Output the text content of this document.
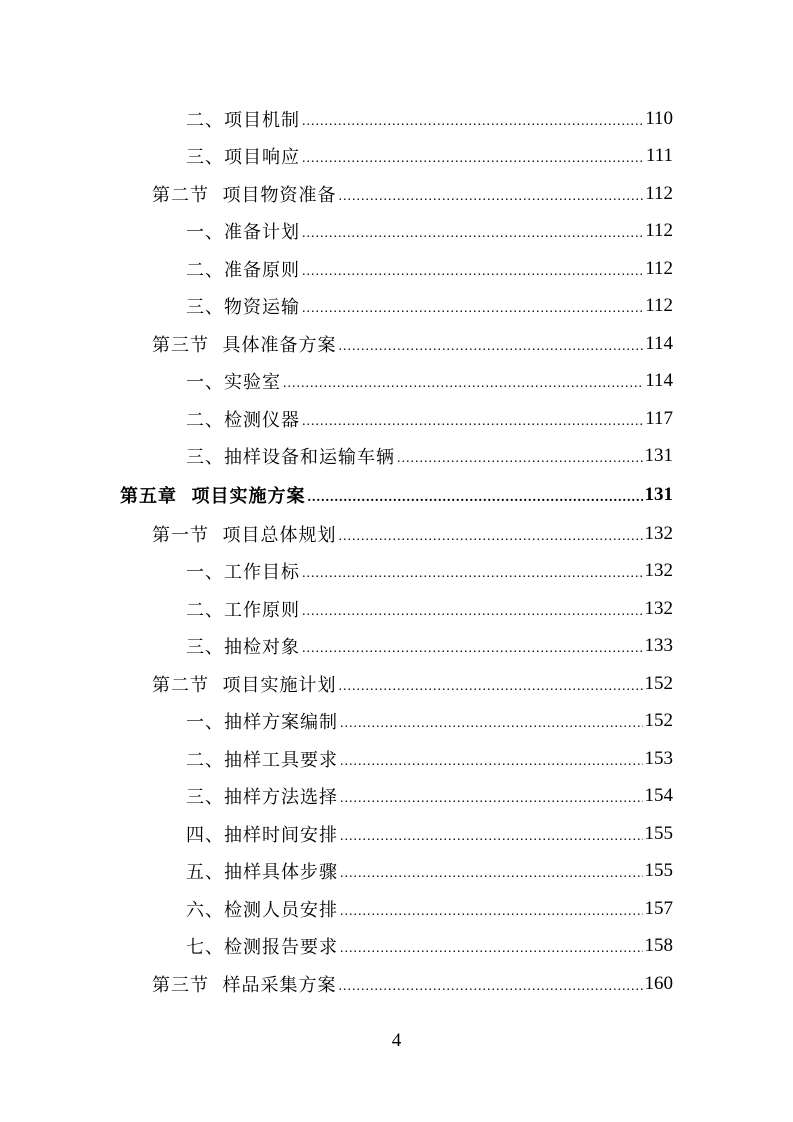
二、项目机制 .....	110
三、项目响应 .....	111
第二节  项目物资准备 .....	112
一、准备计划 .....	112
二、准备原则 .....	112
三、物资运输 .....	112
第三节  具体准备方案 .....	114
一、实验室 .....	114
二、检测仪器 .....	117
三、抽样设备和运输车辆 .....	131
第五章  项目实施方案 .....	131
第一节  项目总体规划 .....	132
一、工作目标 .....	132
二、工作原则 .....	132
三、抽检对象 .....	133
第二节  项目实施计划 .....	152
一、抽样方案编制 .....	152
二、抽样工具要求 .....	153
三、抽样方法选择 .....	154
四、抽样时间安排 .....	155
五、抽样具体步骤 .....	155
六、检测人员安排 .....	157
七、检测报告要求 .....	158
第三节  样品采集方案 .....	160
4
